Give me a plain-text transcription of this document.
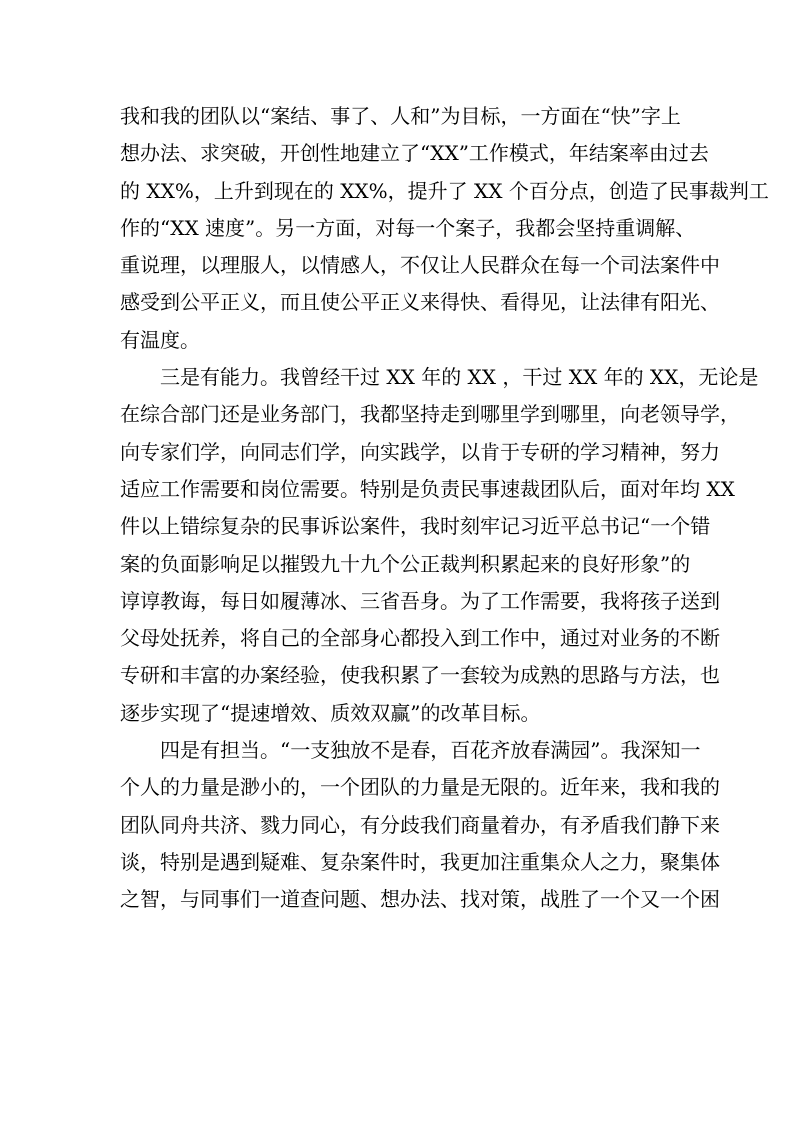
我和我的团队以“案结、事了、人和”为目标，一方面在“快”字上
想办法、求突破，开创性地建立了“XX”工作模式，年结案率由过去
的 XX%，上升到现在的 XX%，提升了 XX 个百分点，创造了民事裁判工
作的“XX 速度”。另一方面，对每一个案子，我都会坚持重调解、
重说理，以理服人，以情感人，不仅让人民群众在每一个司法案件中
感受到公平正义，而且使公平正义来得快、看得见，让法律有阳光、
有温度。
三是有能力。我曾经干过 XX 年的 XX ，干过 XX 年的 XX，无论是
在综合部门还是业务部门，我都坚持走到哪里学到哪里，向老领导学，
向专家们学，向同志们学，向实践学，以肯于专研的学习精神，努力
适应工作需要和岗位需要。特别是负责民事速裁团队后，面对年均 XX
件以上错综复杂的民事诉讼案件，我时刻牢记习近平总书记“一个错
案的负面影响足以摧毁九十九个公正裁判积累起来的良好形象”的
谆谆教诲，每日如履薄冰、三省吾身。为了工作需要，我将孩子送到
父母处抚养，将自己的全部身心都投入到工作中，通过对业务的不断
专研和丰富的办案经验，使我积累了一套较为成熟的思路与方法，也
逐步实现了“提速增效、质效双赢”的改革目标。
四是有担当。“一支独放不是春，百花齐放春满园”。我深知一
个人的力量是渺小的，一个团队的力量是无限的。近年来，我和我的
团队同舟共济、戮力同心，有分歧我们商量着办，有矛盾我们静下来
谈，特别是遇到疑难、复杂案件时，我更加注重集众人之力，聚集体
之智，与同事们一道查问题、想办法、找对策，战胜了一个又一个困
